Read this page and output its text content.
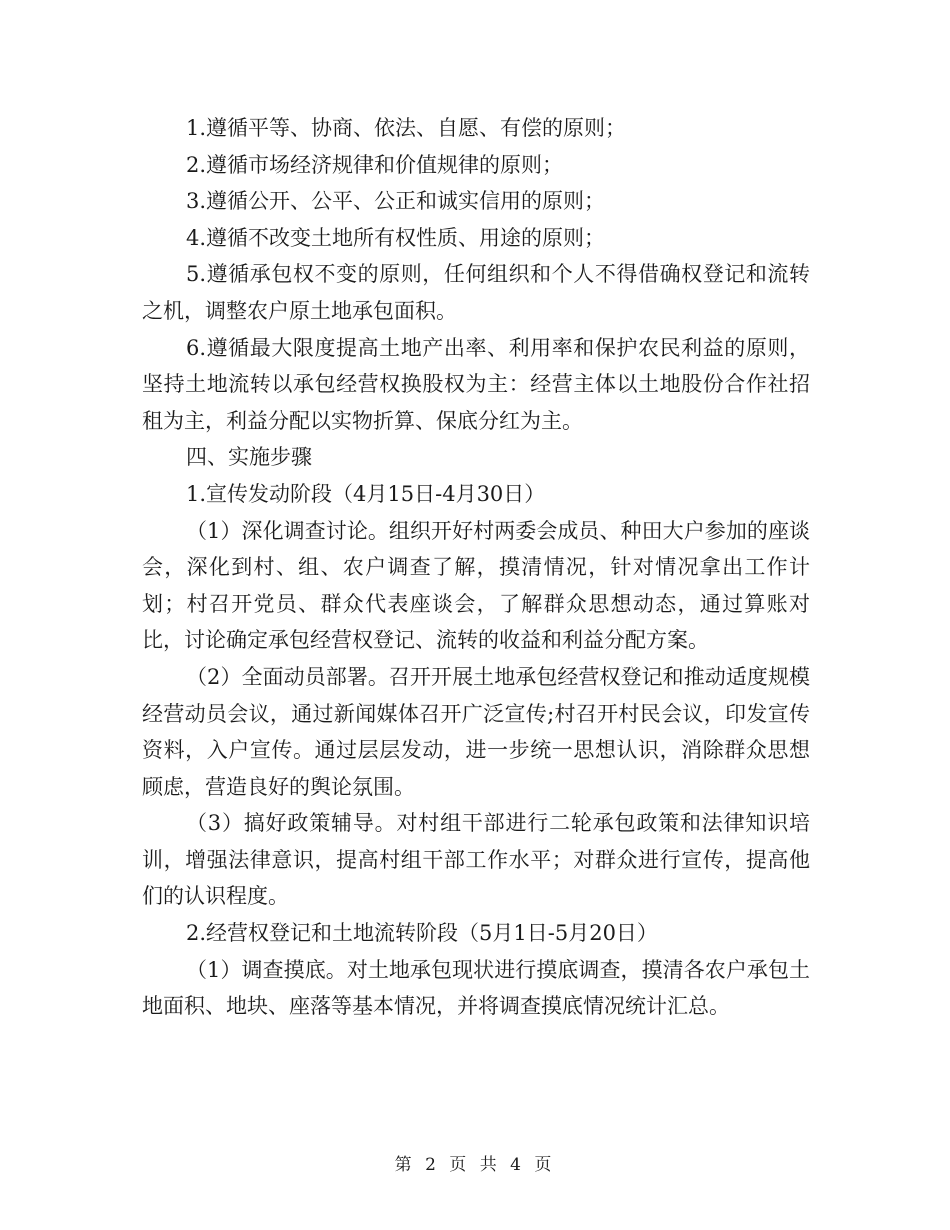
1.遵循平等、协商、依法、自愿、有偿的原则；

2.遵循市场经济规律和价值规律的原则；

3.遵循公开、公平、公正和诚实信用的原则；

4.遵循不改变土地所有权性质、用途的原则；

5.遵循承包权不变的原则，任何组织和个人不得借确权登记和流转之机，调整农户原土地承包面积。

6.遵循最大限度提高土地产出率、利用率和保护农民利益的原则，坚持土地流转以承包经营权换股权为主：经营主体以土地股份合作社招租为主，利益分配以实物折算、保底分红为主。

四、实施步骤

1.宣传发动阶段（4月15日-4月30日）

（1）深化调查讨论。组织开好村两委会成员、种田大户参加的座谈会，深化到村、组、农户调查了解，摸清情况，针对情况拿出工作计划；村召开党员、群众代表座谈会，了解群众思想动态，通过算账对比，讨论确定承包经营权登记、流转的收益和利益分配方案。

（2）全面动员部署。召开开展土地承包经营权登记和推动适度规模经营动员会议，通过新闻媒体召开广泛宣传;村召开村民会议，印发宣传资料，入户宣传。通过层层发动，进一步统一思想认识，消除群众思想顾虑，营造良好的舆论氛围。

（3）搞好政策辅导。对村组干部进行二轮承包政策和法律知识培训，增强法律意识，提高村组干部工作水平；对群众进行宣传，提高他们的认识程度。

2.经营权登记和土地流转阶段（5月1日-5月20日）

（1）调查摸底。对土地承包现状进行摸底调查，摸清各农户承包土地面积、地块、座落等基本情况，并将调查摸底情况统计汇总。

第 2 页 共 4 页
